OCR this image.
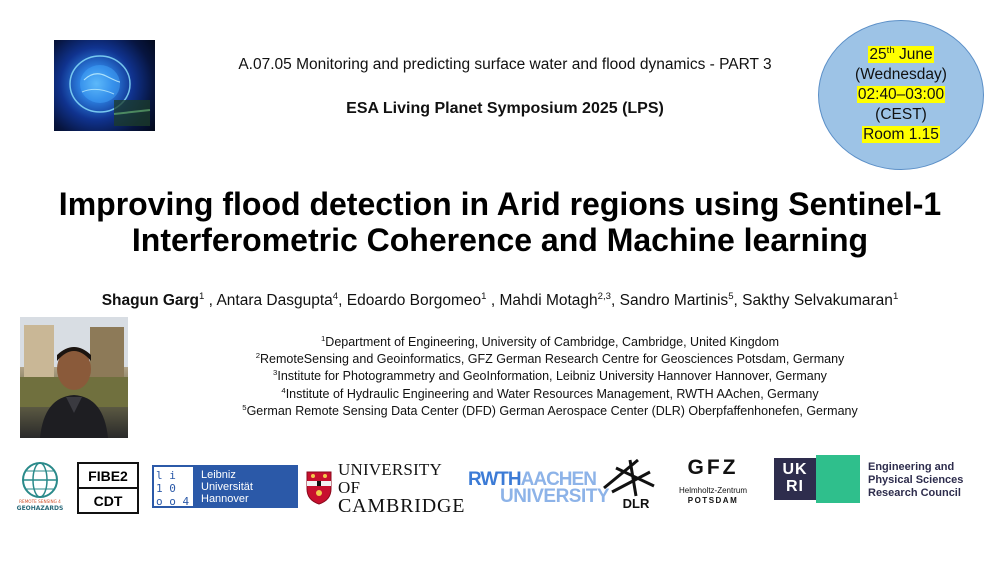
A.07.05 Monitoring and predicting surface water and flood dynamics - PART 3
ESA Living Planet Symposium 2025 (LPS)
25th June
(Wednesday)
02:40–03:00
(CEST)
Room 1.15
Improving flood detection in Arid regions using Sentinel-1
Interferometric Coherence and Machine learning
Shagun Garg$^1$ , Antara Dasgupta$^4$, Edoardo Borgomeo$^1$ , Mahdi Motagh$^{2,3}$, Sandro Martinis$^5$, Sakthy Selvakumaran$^1$
$^1$Department of Engineering, University of Cambridge, Cambridge, United Kingdom
$^2$RemoteSensing and Geoinformatics, GFZ German Research Centre for Geosciences Potsdam, Germany
$^3$Institute for Photogrammetry and GeoInformation, Leibniz University Hannover Hannover, Germany
$^4$Institute of Hydraulic Engineering and Water Resources Management, RWTH AAchen, Germany
$^5$German Remote Sensing Data Center (DFD) German Aerospace Center (DLR) Oberpfaffenhonefen, Germany
REMOTE SENSING 4
GEOHAZARDS
FIBE2
CDT
l i
1 0
o o 4
Leibniz
Universität
Hannover
UNIVERSITY OF
CAMBRIDGE
RWTHAACHEN
UNIVERSITY DLR
GFZ
Helmholtz-Zentrum
POTSDAM
UK
RI
Engineering and
Physical Sciences
Research Council
